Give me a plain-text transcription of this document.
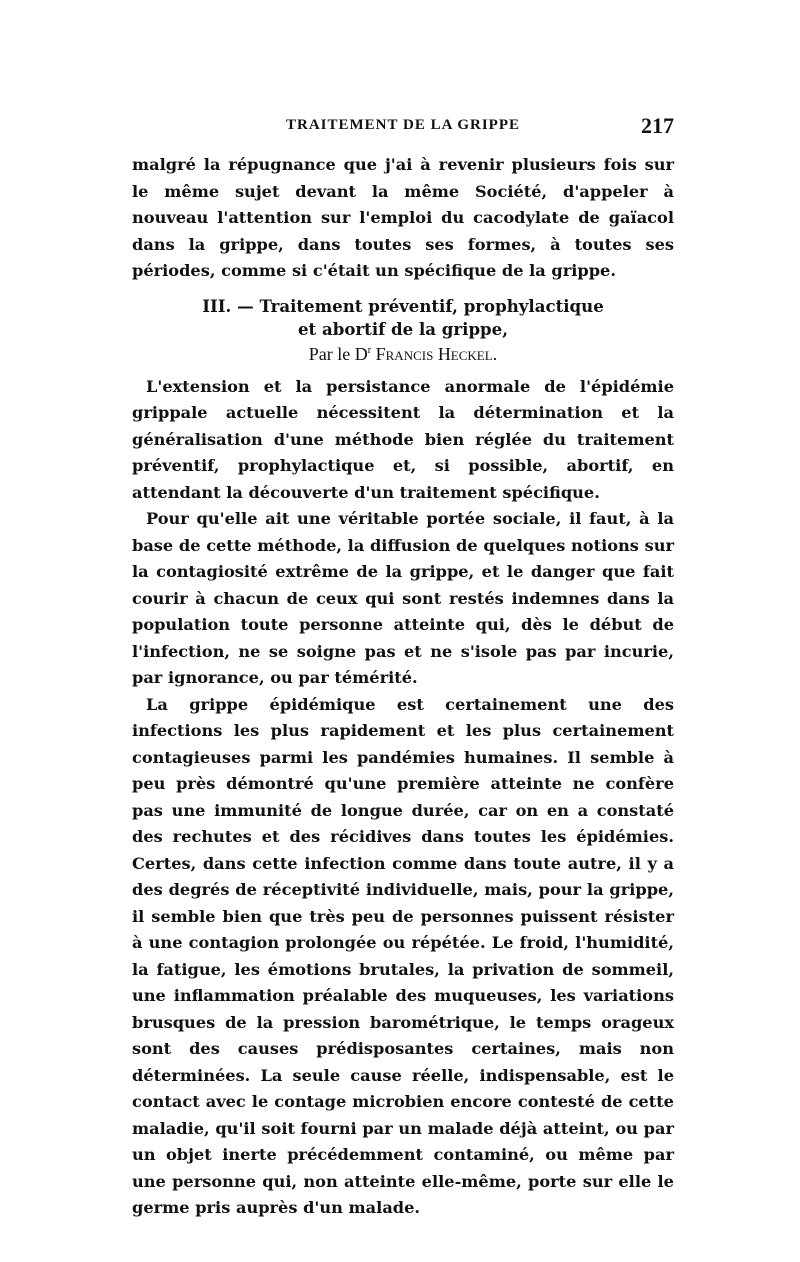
TRAITEMENT DE LA GRIPPE	217

malgré la répugnance que j'ai à revenir plusieurs fois sur le même sujet devant la même Société, d'appeler à nouveau l'attention sur l'emploi du cacodylate de gaïacol dans la grippe, dans toutes ses formes, à toutes ses périodes, comme si c'était un spécifique de la grippe.

III. — Traitement préventif, prophylactique
et abortif de la grippe,
Par le $D^r$ Francis Heckel.

L'extension et la persistance anormale de l'épidémie grippale actuelle nécessitent la détermination et la généralisation d'une méthode bien réglée du traitement préventif, prophylactique et, si possible, abortif, en attendant la découverte d'un traitement spécifique.

Pour qu'elle ait une véritable portée sociale, il faut, à la base de cette méthode, la diffusion de quelques notions sur la contagiosité extrême de la grippe, et le danger que fait courir à chacun de ceux qui sont restés indemnes dans la population toute personne atteinte qui, dès le début de l'infection, ne se soigne pas et ne s'isole pas par incurie, par ignorance, ou par témérité.

La grippe épidémique est certainement une des infections les plus rapidement et les plus certainement contagieuses parmi les pandémies humaines. Il semble à peu près démontré qu'une première atteinte ne confère pas une immunité de longue durée, car on en a constaté des rechutes et des récidives dans toutes les épidémies. Certes, dans cette infection comme dans toute autre, il y a des degrés de réceptivité individuelle, mais, pour la grippe, il semble bien que très peu de personnes puissent résister à une contagion prolongée ou répétée. Le froid, l'humidité, la fatigue, les émotions brutales, la privation de sommeil, une inflammation préalable des muqueuses, les variations brusques de la pression barométrique, le temps orageux sont des causes prédisposantes certaines, mais non déterminées. La seule cause réelle, indispensable, est le contact avec le contage microbien encore contesté de cette maladie, qu'il soit fourni par un malade déjà atteint, ou par un objet inerte précédemment contaminé, ou même par une personne qui, non atteinte elle-même, porte sur elle le germe pris auprès d'un malade.
